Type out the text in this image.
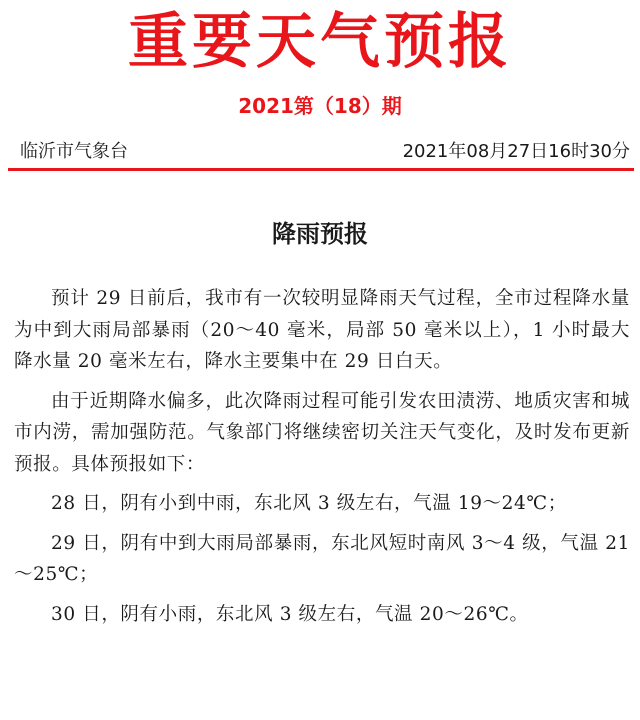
重要天气预报
2021第（18）期
临沂市气象台	2021年08月27日16时30分
降雨预报

预计 29 日前后，我市有一次较明显降雨天气过程，全市过程降水量为中到大雨局部暴雨（20～40 毫米，局部 50 毫米以上），1 小时最大降水量 20 毫米左右，降水主要集中在 29 日白天。

由于近期降水偏多，此次降雨过程可能引发农田渍涝、地质灾害和城市内涝，需加强防范。气象部门将继续密切关注天气变化，及时发布更新预报。具体预报如下：

28 日，阴有小到中雨，东北风 3 级左右，气温 19～24℃；

29 日，阴有中到大雨局部暴雨，东北风短时南风 3～4 级，气温 21～25℃；

30 日，阴有小雨，东北风 3 级左右，气温 20～26℃。
